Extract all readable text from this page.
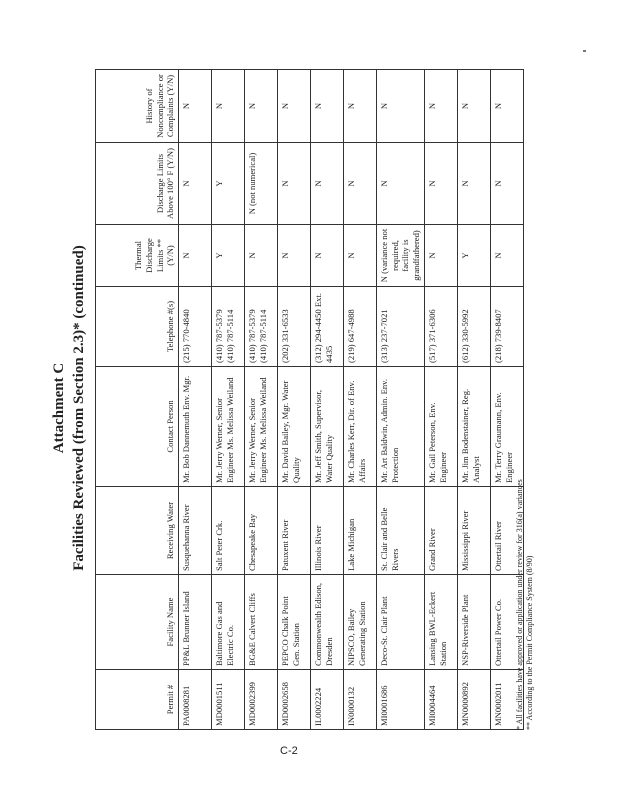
Attachment C Facilities Reviewed (from Section 2.3)* (continued)
Permit #	Facility Name	Receiving Water	Contact Person	Telephone #(s)	Thermal Discharge Limits ** (Y/N)	Discharge Limits Above 100° F (Y/N)	History of Noncompliance or Complaints (Y/N)
PA0008281	PP&L Brunner Island	Susquehanna River	Mr. Bob Dannemuth Env. Mgr.	(215) 770-4840	N	N	N
MD0001511	Baltimore Gas and Electric Co.	Salt Peter Crk.	Mr. Jerry Werner, Senior Engineer Ms. Melissa Weiland	(410) 787-5379 (410) 787-5114	Y	Y	N
MD0002399	BG&E Calvert Cliffs	Chesapeake Bay	Mr. Jerry Werner, Senior Engineer Ms. Melissa Weiland	(410) 787-5379 (410) 787-5114	N	N (not numerical)	N
MD0002658	PEPCO Chalk Point Gen. Station	Patuxent River	Mr. David Bailey, Mgr. Water Quality	(202) 331-6533	N	N	N
IL0002224	Commonwealth Edison, Dresden	Illinois River	Mr. Jeff Smith, Supervisor, Water Quality	(312) 294-4450 Ext. 4435	N	N	N
IN0000132	NIPSCO, Bailey Generating Station	Lake Michigan	Mr. Charles Kerr, Dir. of Env. Affairs	(219) 647-4988	N	N	N
MI0001686	Deco-St. Clair Plant	St. Clair and Belle Rivers	Mr. Art Baldwin, Admin. Env. Protection	(313) 237-7021	N (variance not required, facility is grandfathered)	N	N
MI0004464	Lansing BWL-Eckert Station	Grand River	Mr. Gail Peterson, Env. Engineer	(517) 371-6306	N	N	N
MN0000892	NSP-Riverside Plant	Mississippi River	Mr. Jim Bodenstainer, Reg. Analyst	(612) 330-5992	Y	N	N
MN0002011	Ottertail Power Co.	Ottertail River	Mr. Terry Graumann, Env. Engineer	(218) 739-8407	N	N	N
* All facilities have approved or application under review for 316(a) variances ** According to the Permit Compliance System (8/90)
C-2
